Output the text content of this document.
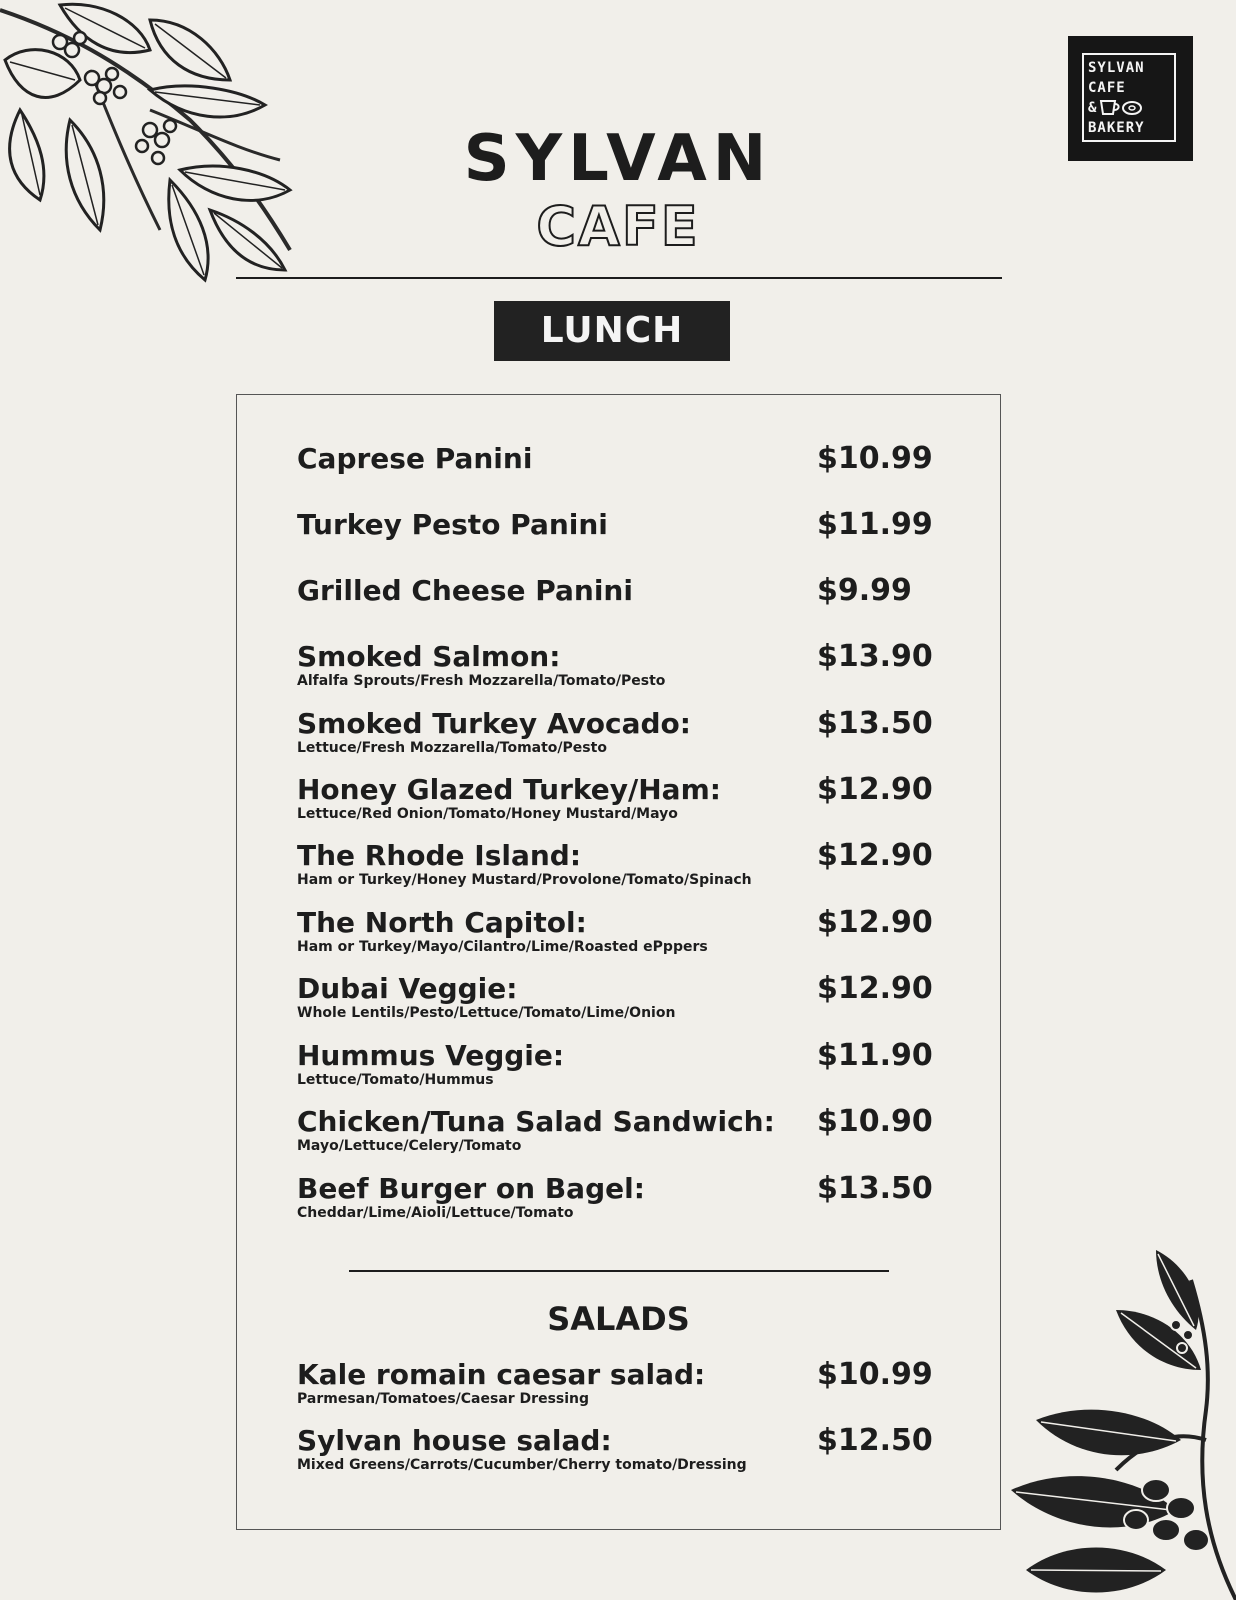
SYLVAN
CAFE
&
BAKERY
SYLVAN
CAFE
LUNCH
Caprese Panini	$10.99
Turkey Pesto Panini	$11.99
Grilled Cheese Panini	$9.99
Smoked Salmon:	$13.90
Alfalfa Sprouts/Fresh Mozzarella/Tomato/Pesto
Smoked Turkey Avocado:	$13.50
Lettuce/Fresh Mozzarella/Tomato/Pesto
Honey Glazed Turkey/Ham:	$12.90
Lettuce/Red Onion/Tomato/Honey Mustard/Mayo
The Rhode Island:	$12.90
Ham or Turkey/Honey Mustard/Provolone/Tomato/Spinach
The North Capitol:	$12.90
Ham or Turkey/Mayo/Cilantro/Lime/Roasted ePppers
Dubai Veggie:	$12.90
Whole Lentils/Pesto/Lettuce/Tomato/Lime/Onion
Hummus Veggie:	$11.90
Lettuce/Tomato/Hummus
Chicken/Tuna Salad Sandwich: $10.90
Mayo/Lettuce/Celery/Tomato
Beef Burger on Bagel:	$13.50
Cheddar/Lime/Aioli/Lettuce/Tomato
SALADS
Kale romain caesar salad:	$10.99
Parmesan/Tomatoes/Caesar Dressing
Sylvan house salad:	$12.50
Mixed Greens/Carrots/Cucumber/Cherry tomato/Dressing
